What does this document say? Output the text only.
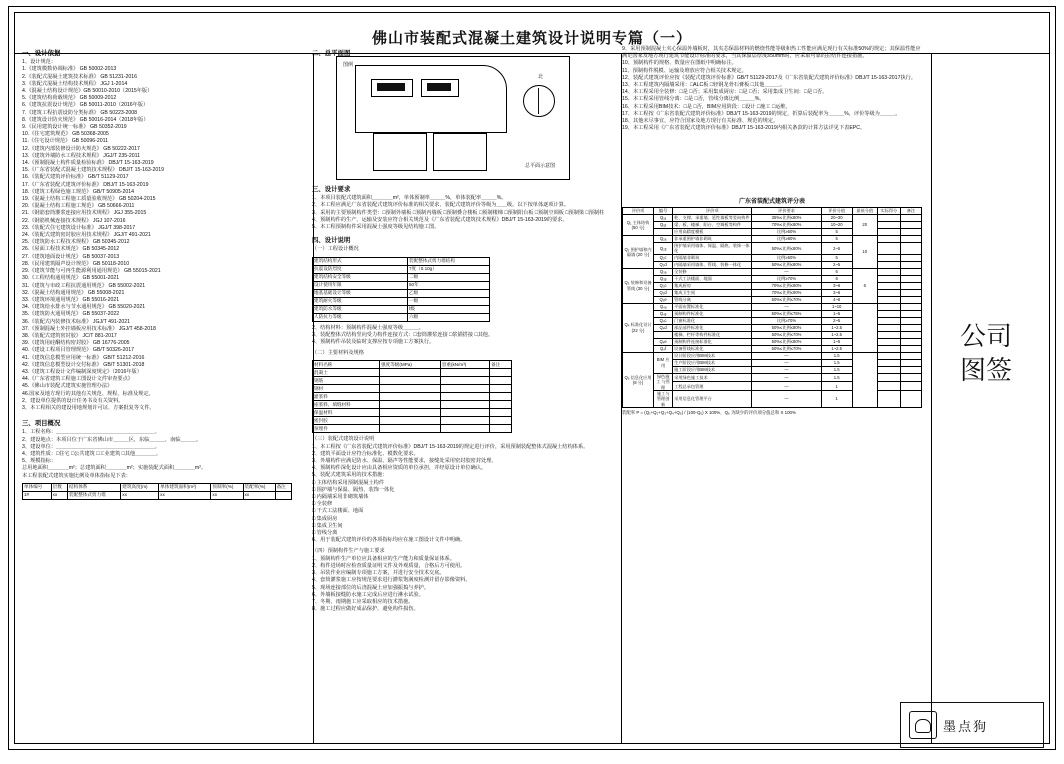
佛山市装配式混凝土建筑设计说明专篇（一）
一、设计依据
1、设计规范：
1.《建筑模数协调标准》 GB 50002-2013
2.《装配式混凝土建筑技术标准》 GB 51231-2016
3.《装配式混凝土结构技术规程》 JGJ 1-2014
4.《混凝土结构设计规范》GB 50010-2010（2015年版）
5.《建筑结构荷载规范》 GB 50009-2012
6.《建筑抗震设计规范》 GB 50011-2010（2016年版）
7.《建筑工程抗震设防分类标准》 GB 50223-2008
8.《建筑设计防火规范》 GB 50016-2014（2018年版）
9.《民用建筑设计统一标准》 GB 50352-2019
10.《住宅建筑规范》 GB 50368-2005
11.《住宅设计规范》 GB 50096-2011
12.《建筑内部装修设计防火规范》 GB 50222-2017
13.《建筑外墙防水工程技术规程》 JGJ/T 235-2011
14.《预制混凝土构件质量检验标准》 DBJ/T 15-163-2019
15.《广东省装配式混凝土建筑技术规程》 DBJ/T 15-163-2019
16.《装配式建筑评价标准》 GB/T 51129-2017
17.《广东省装配式建筑评价标准》 DBJ/T 15-163-2019
18.《建筑工程绿色施工规范》 GB/T 50905-2014
19.《混凝土结构工程施工质量验收规范》 GB 50204-2015
20.《混凝土结构工程施工规范》 GB 50666-2011
21.《钢筋套筒灌浆连接应用技术规程》 JGJ 355-2015
22.《钢筋机械连接技术规程》 JGJ 107-2016
23.《装配式住宅建筑设计标准》 JGJ/T 398-2017
24.《装配式建筑密封胶应用技术规程》 JGJ/T 491-2021
25.《建筑防水工程技术规程》 GB 50345-2012
26.《屋面工程技术规范》 GB 50345-2012
27.《建筑地面设计规范》 GB 50037-2013
28.《民用建筑隔声设计规范》 GB 50118-2010
29.《建筑节能与可再生能源利用通用规范》 GB 55015-2021
30.《工程结构通用规范》 GB 55001-2021
31.《建筑与市政工程抗震通用规范》 GB 55002-2021
32.《混凝土结构通用规范》 GB 55008-2021
33.《建筑环境通用规范》 GB 55016-2021
34.《建筑给水排水与节水通用规范》 GB 55020-2021
35.《建筑防火通用规范》 GB 55037-2022
36.《装配式内装修技术标准》 JGJ/T 491-2021
37.《预制混凝土外挂墙板应用技术标准》 JGJ/T 458-2018
38.《装配式建筑密封胶》 JC/T 881-2017
39.《建筑用硅酮结构密封胶》 GB 16776-2005
40.《建设工程项目管理规范》 GB/T 50326-2017
41.《建筑信息模型应用统一标准》 GB/T 51212-2016
42.《建筑信息模型设计交付标准》 GB/T 51301-2018
43.《建筑工程设计文件编制深度规定》（2016年版）
44.《广东省建筑工程施工图设计文件审查要点》
45.《佛山市装配式建筑实施管理办法》
46.国家及地方现行的其他有关规范、规程、标准及规定。
2、建设单位提供的设计任务书及有关资料。
3、本工程相关的建设用地规划许可证、方案批复等文件。
三、项目概况
1、工程名称：＿＿＿＿＿＿＿＿＿＿＿＿＿＿＿＿＿＿＿。
2、建设地点：本项目位于广东省佛山市＿＿＿区，东临＿＿＿，南临＿＿＿。
3、建设单位：＿＿＿＿＿＿＿＿＿＿＿＿＿＿＿＿＿＿＿。
4、建筑性质：□住宅 □公共建筑 □工业建筑 □其他＿＿＿＿。
5、规模指标：
总用地面积＿＿＿＿m²；总建筑面积＿＿＿＿m²；实施装配式面积＿＿＿＿m²。
本工程装配式建筑实施比例及单体指标见下表：
单体编号	层数	结构体系	建筑高度(m)	单体建筑面积(m²)	预制率(%)	装配率(%)	备注
1#	xx	装配整体式剪力墙	xx	xx	xx	xx	
二、总平面图
图例
北
总平面示意图
三、设计要求
1、本项目装配式建筑面积＿＿＿＿m²，单体预制率＿＿＿%，单体装配率＿＿＿%。
2、本工程应满足广东省装配式建筑评价标准的相关要求，装配式建筑评价等级为＿＿级。以下按单体逐项计算。
3、采用的主要预制构件类型：□预制外墙板 □预制内墙板 □预制叠合楼板 □预制楼梯 □预制阳台板 □预制空调板 □预制梁 □预制柱
4、预制构件的生产、运输及安装应符合相关规范及《广东省装配式建筑技术规程》DBJ/T 15-163-2019的要求。
5、本工程预制构件采用混凝土强度等级见结构施工图。
四、设计说明
（一）工程设计概况
建筑结构形式	装配整体式剪力墙结构
抗震设防烈度	7度（0.10g）
建筑结构安全等级	二级
设计使用年限	50年
地基基础设计等级	乙级
建筑耐火等级	一级
建筑防水等级	Ⅰ级
人防抗力等级	六级
2、结构材料：预制构件混凝土强度等级＿＿＿。
3、装配整体式结构竖向受力构件连接方式：□套筒灌浆连接 □浆锚搭接 □其他。
4、预制构件吊装及临时支撑应按专项施工方案执行。
（二）主要材料及规格
材料名称	强度等级(MPa)	容重(kN/m³)	备注
混凝土			
钢筋			
钢材			
灌浆料			
座浆料、填缝材料			
保温材料			
密封胶			
预埋件			
（三）装配式建筑设计说明
1、本工程按《广东省装配式建筑评价标准》DBJ/T 15-163-2019的规定进行评价，采用预制装配整体式混凝土结构体系。
2、建筑平面设计应符合标准化、模数化要求。
3、外墙构件应满足防水、保温、隔声等性能要求，接缝处采用密封胶密封处理。
4、预制构件深化设计应由具备相应资质的单位承担，并经原设计单位确认。
5、装配式建筑采用的技术措施：
□ 主体结构采用预制混凝土构件
□ 围护墙与保温、隔热、装饰一体化
□ 内隔墙采用非砌筑墙体
□ 全装修
□ 干式工法楼面、地面
□ 集成厨房
□ 集成卫生间
□ 管线分离
6、用于装配式建筑评价的各项指标均应在施工图设计文件中明确。
（四）预制构件生产与施工要求
1、预制构件生产单位应具备相应的生产能力和质量保证体系。
2、构件进场时应检查质量证明文件及外观质量，合格后方可使用。
3、吊装作业应编制专项施工方案，并进行安全技术交底。
4、套筒灌浆施工应按规范要求进行灌浆饱满度检测并留存影像资料。
5、现场连接部位的后浇混凝土应加强振捣与养护。
6、外墙板接缝防水施工完成后应进行淋水试验。
7、冬期、雨期施工应采取相应的技术措施。
8、施工过程应做好成品保护，避免构件损伤。
9、采用预制混凝土夹心保温外墙板时，其夹芯保温材料的燃烧性能等级和热工性能应满足现行有关标准50%的规定；其保温性能应满足国家及地方现行建筑节能设计标准的要求，当其保温层厚度≥50mm时，应采取可靠的拉结件连接措施。
10、预制构件的规格、数量应在图纸中明确标注。
11、预制构件脱模、运输及堆放应符合相关技术规定。
12、装配式建筑评价应按《装配式建筑评价标准》GB/T 51129-2017及《广东省装配式建筑评价标准》DBJ/T 15-163-2017执行。
13、本工程建筑内隔墙采用：□ALC板 □轻钢龙骨石膏板 □其他＿＿＿。
14、本工程采用全装修：□是 □否；采用集成厨房：□是 □否；采用集成卫生间：□是 □否。
15、本工程采用管线分离：□是 □否，管线分离比例＿＿＿%。
16、本工程采用BIM技术：□是 □否，BIM应用阶段：□设计 □施工 □运维。
17、本工程按《广东省装配式建筑评价标准》DBJ/T 15-163-2019的规定，折算后装配率为＿＿＿%，评价等级为＿＿＿。
18、其他未尽事宜，应符合国家及地方现行有关标准、规范的规定。
19、本工程采用《广东省装配式建筑评价标准》DBJ/T 15-163-2019内相关条款的计算方法详见下表EPC。
广东省装配式建筑评分表
评价项	编号	评价项	评价要求	评价分值	最低分值	实际得分	备注
Q₁ 主体结构 (50 分)	Q₁ₐ	柱、支撑、承重墙、延性墙板等竖向构件	35%≤比例≤80%	20~30	20		
	Q₁ᵦ	梁、板、楼梯、阳台、空调板等构件	70%≤比例≤80%	10~20			
		应用高精度模板	比例≥60%	5			
Q₂ 围护墙和内隔墙 (20 分)	Q₂ₐ	非承重围护墙非砌筑	比例≥80%	5	10		
	Q₂ᵦ	围护墙采用墙体、保温、隔热、装饰一体化	50%≤比例≤80%	2~5			
	Q₂c	内隔墙非砌筑	比例≥50%	5			
	Q₂d	内隔墙采用墙体、管线、装修一体化	50%≤比例≤80%	2~5			
Q₃ 装修和设备管线 (30 分)	Q₃ₐ	全装修	—	6	6		
	Q₃ᵦ	干式工法楼面、地面	比例≥70%	6			
	Q₃c	集成厨房	70%≤比例≤90%	3~6			
	Q₃d	集成卫生间	70%≤比例≤90%	3~6			
	Q₃e	管线分离	50%≤比例≤70%	4~6			
Q₄ 标准化设计 (22 分)	Q₄ₐ	平面布置标准化	—	1~10			
	Q₄ᵦ	预制构件标准化	50%≤比例≤75%	1~5			
	Q₄c	门窗标准化	比例≥70%	2~5			
	Q₄d	部品部件标准化	50%≤比例≤80%	1~2.5			
		楼梯、栏杆等构件标准化	50%≤比例≤70%	1~2.5			
	Q₄e	预制构件连接标准化	50%≤比例≤80%	1~5			
	Q₄f	设备管线标准化	50%≤比例≤70%	1~2.5			
Q₅ 信息化应用 (8 分)	BIM 应用	设计阶段应用BIM技术	—	1.5			
		生产阶段应用BIM技术	—	1.5			
		施工阶段应用BIM技术	—	1.5			
	绿色施工 与管理	采用绿色施工技术	—	1.5			
		工程总承包管理	—	1			
	施工与 管理创新	采用信息化管理平台	—	1			
装配率 P = (Q₁+Q₂+Q₃+Q₄+Q₅) / (100-Q₆) X 100%，Q₆ 为缺少的评价项分值总和 X 100%
公司
图签
墨点狗
